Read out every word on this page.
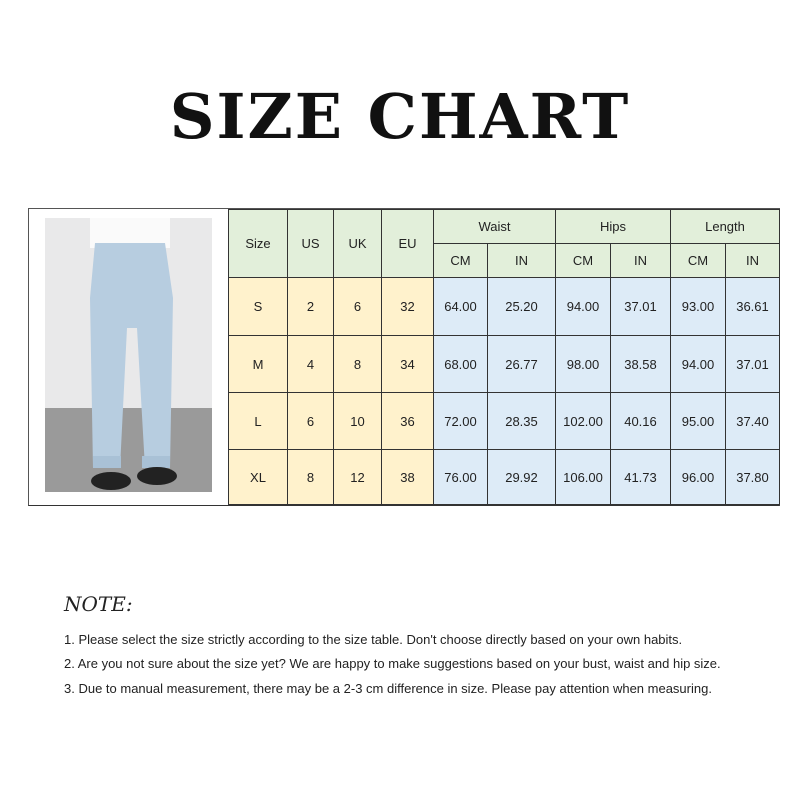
SIZE CHART
Size	US	UK	EU	Waist		Hips		Length	
				CM	IN	CM	IN	CM	IN
S	2	6	32	64.00	25.20	94.00	37.01	93.00	36.61
M	4	8	34	68.00	26.77	98.00	38.58	94.00	37.01
L	6	10	36	72.00	28.35	102.00	40.16	95.00	37.40
XL	8	12	38	76.00	29.92	106.00	41.73	96.00	37.80
NOTE:
1. Please select the size strictly according to the size table. Don't choose directly based on your own habits.
2. Are you not sure about the size yet? We are happy to make suggestions based on your bust, waist and hip size.
3. Due to manual measurement, there may be a 2-3 cm difference in size. Please pay attention when measuring.
